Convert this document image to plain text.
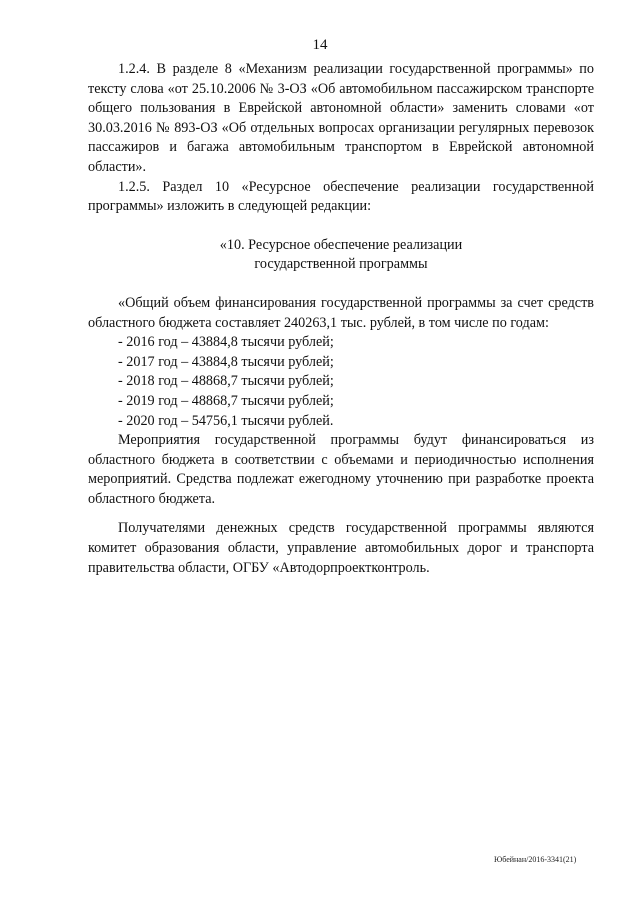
14

1.2.4. В разделе 8 «Механизм реализации государственной программы» по тексту слова «от 25.10.2006 № 3-ОЗ «Об автомобильном пассажирском транспорте общего пользования в Еврейской автономной области» заменить словами «от 30.03.2016 № 893-ОЗ «Об отдельных вопросах организации регулярных перевозок пассажиров и багажа автомобильным транспортом в Еврейской автономной области».

1.2.5. Раздел 10 «Ресурсное обеспечение реализации государственной программы» изложить в следующей редакции:

«10. Ресурсное обеспечение реализации
государственной программы

«Общий объем финансирования государственной программы за счет средств областного бюджета составляет 240263,1 тыс. рублей, в том числе по годам:

- 2016 год – 43884,8 тысячи рублей;

- 2017 год – 43884,8 тысячи рублей;

- 2018 год – 48868,7 тысячи рублей;

- 2019 год – 48868,7 тысячи рублей;

- 2020 год – 54756,1 тысячи рублей.

Мероприятия государственной программы будут финансироваться из областного бюджета в соответствии с объемами и периодичностью исполнения мероприятий. Средства подлежат ежегодному уточнению при разработке проекта областного бюджета.

Получателями денежных средств государственной программы являются комитет образования области, управление автомобильных дорог и транспорта правительства области, ОГБУ «Автодорпроектконтроль.

Юбейнан/2016-3341(21)
